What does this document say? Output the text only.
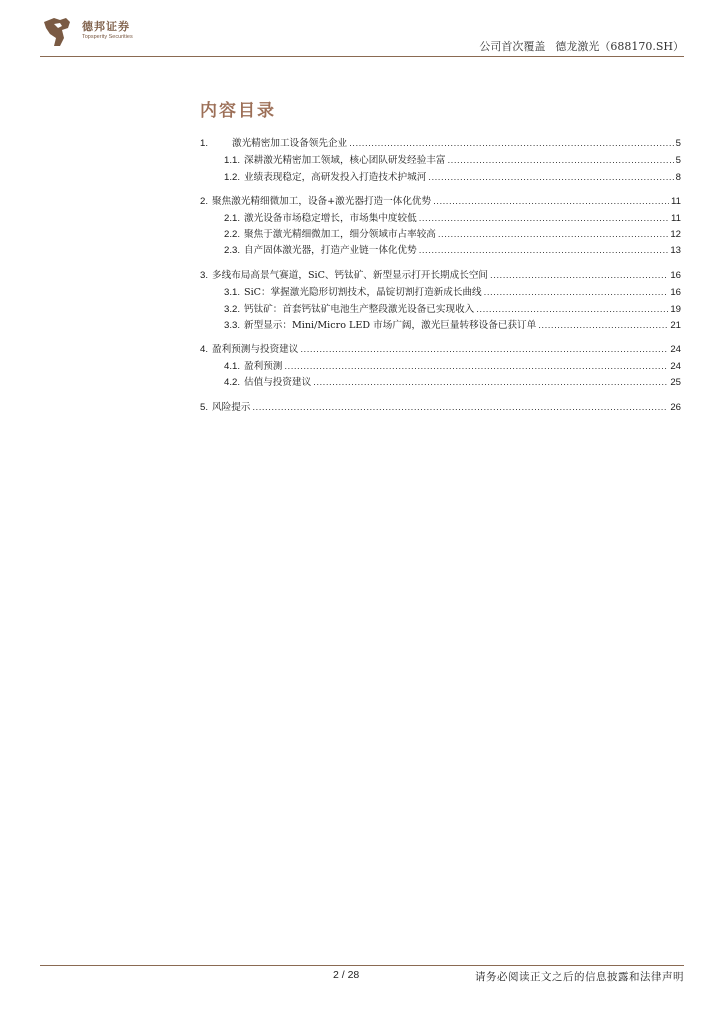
德邦证券
Topsperity Securities
公司首次覆盖 德龙激光（688170.SH）
内容目录
1.	激光精密加工设备领先企业 .....	5
1.1. 深耕激光精密加工领域，核心团队研发经验丰富 .....	5
1.2. 业绩表现稳定，高研发投入打造技术护城河 .....	8
2. 聚焦激光精细微加工，设备+激光器打造一体化优势 .....	11
2.1. 激光设备市场稳定增长，市场集中度较低 .....	11
2.2. 聚焦于激光精细微加工，细分领域市占率较高 .....	12
2.3. 自产固体激光器，打造产业链一体化优势 .....	13
3. 多线布局高景气赛道，SiC、钙钛矿、新型显示打开长期成长空间 .....	16
3.1. SiC：掌握激光隐形切割技术，晶锭切割打造新成长曲线 .....	16
3.2. 钙钛矿：首套钙钛矿电池生产整段激光设备已实现收入 .....	19
3.3. 新型显示：Mini/Micro LED 市场广阔，激光巨量转移设备已获订单 .....	21
4. 盈利预测与投资建议 .....	24
4.1. 盈利预测 .....	24
4.2. 估值与投资建议 .....	25
5. 风险提示 .....	26
2 / 28	请务必阅读正文之后的信息披露和法律声明
